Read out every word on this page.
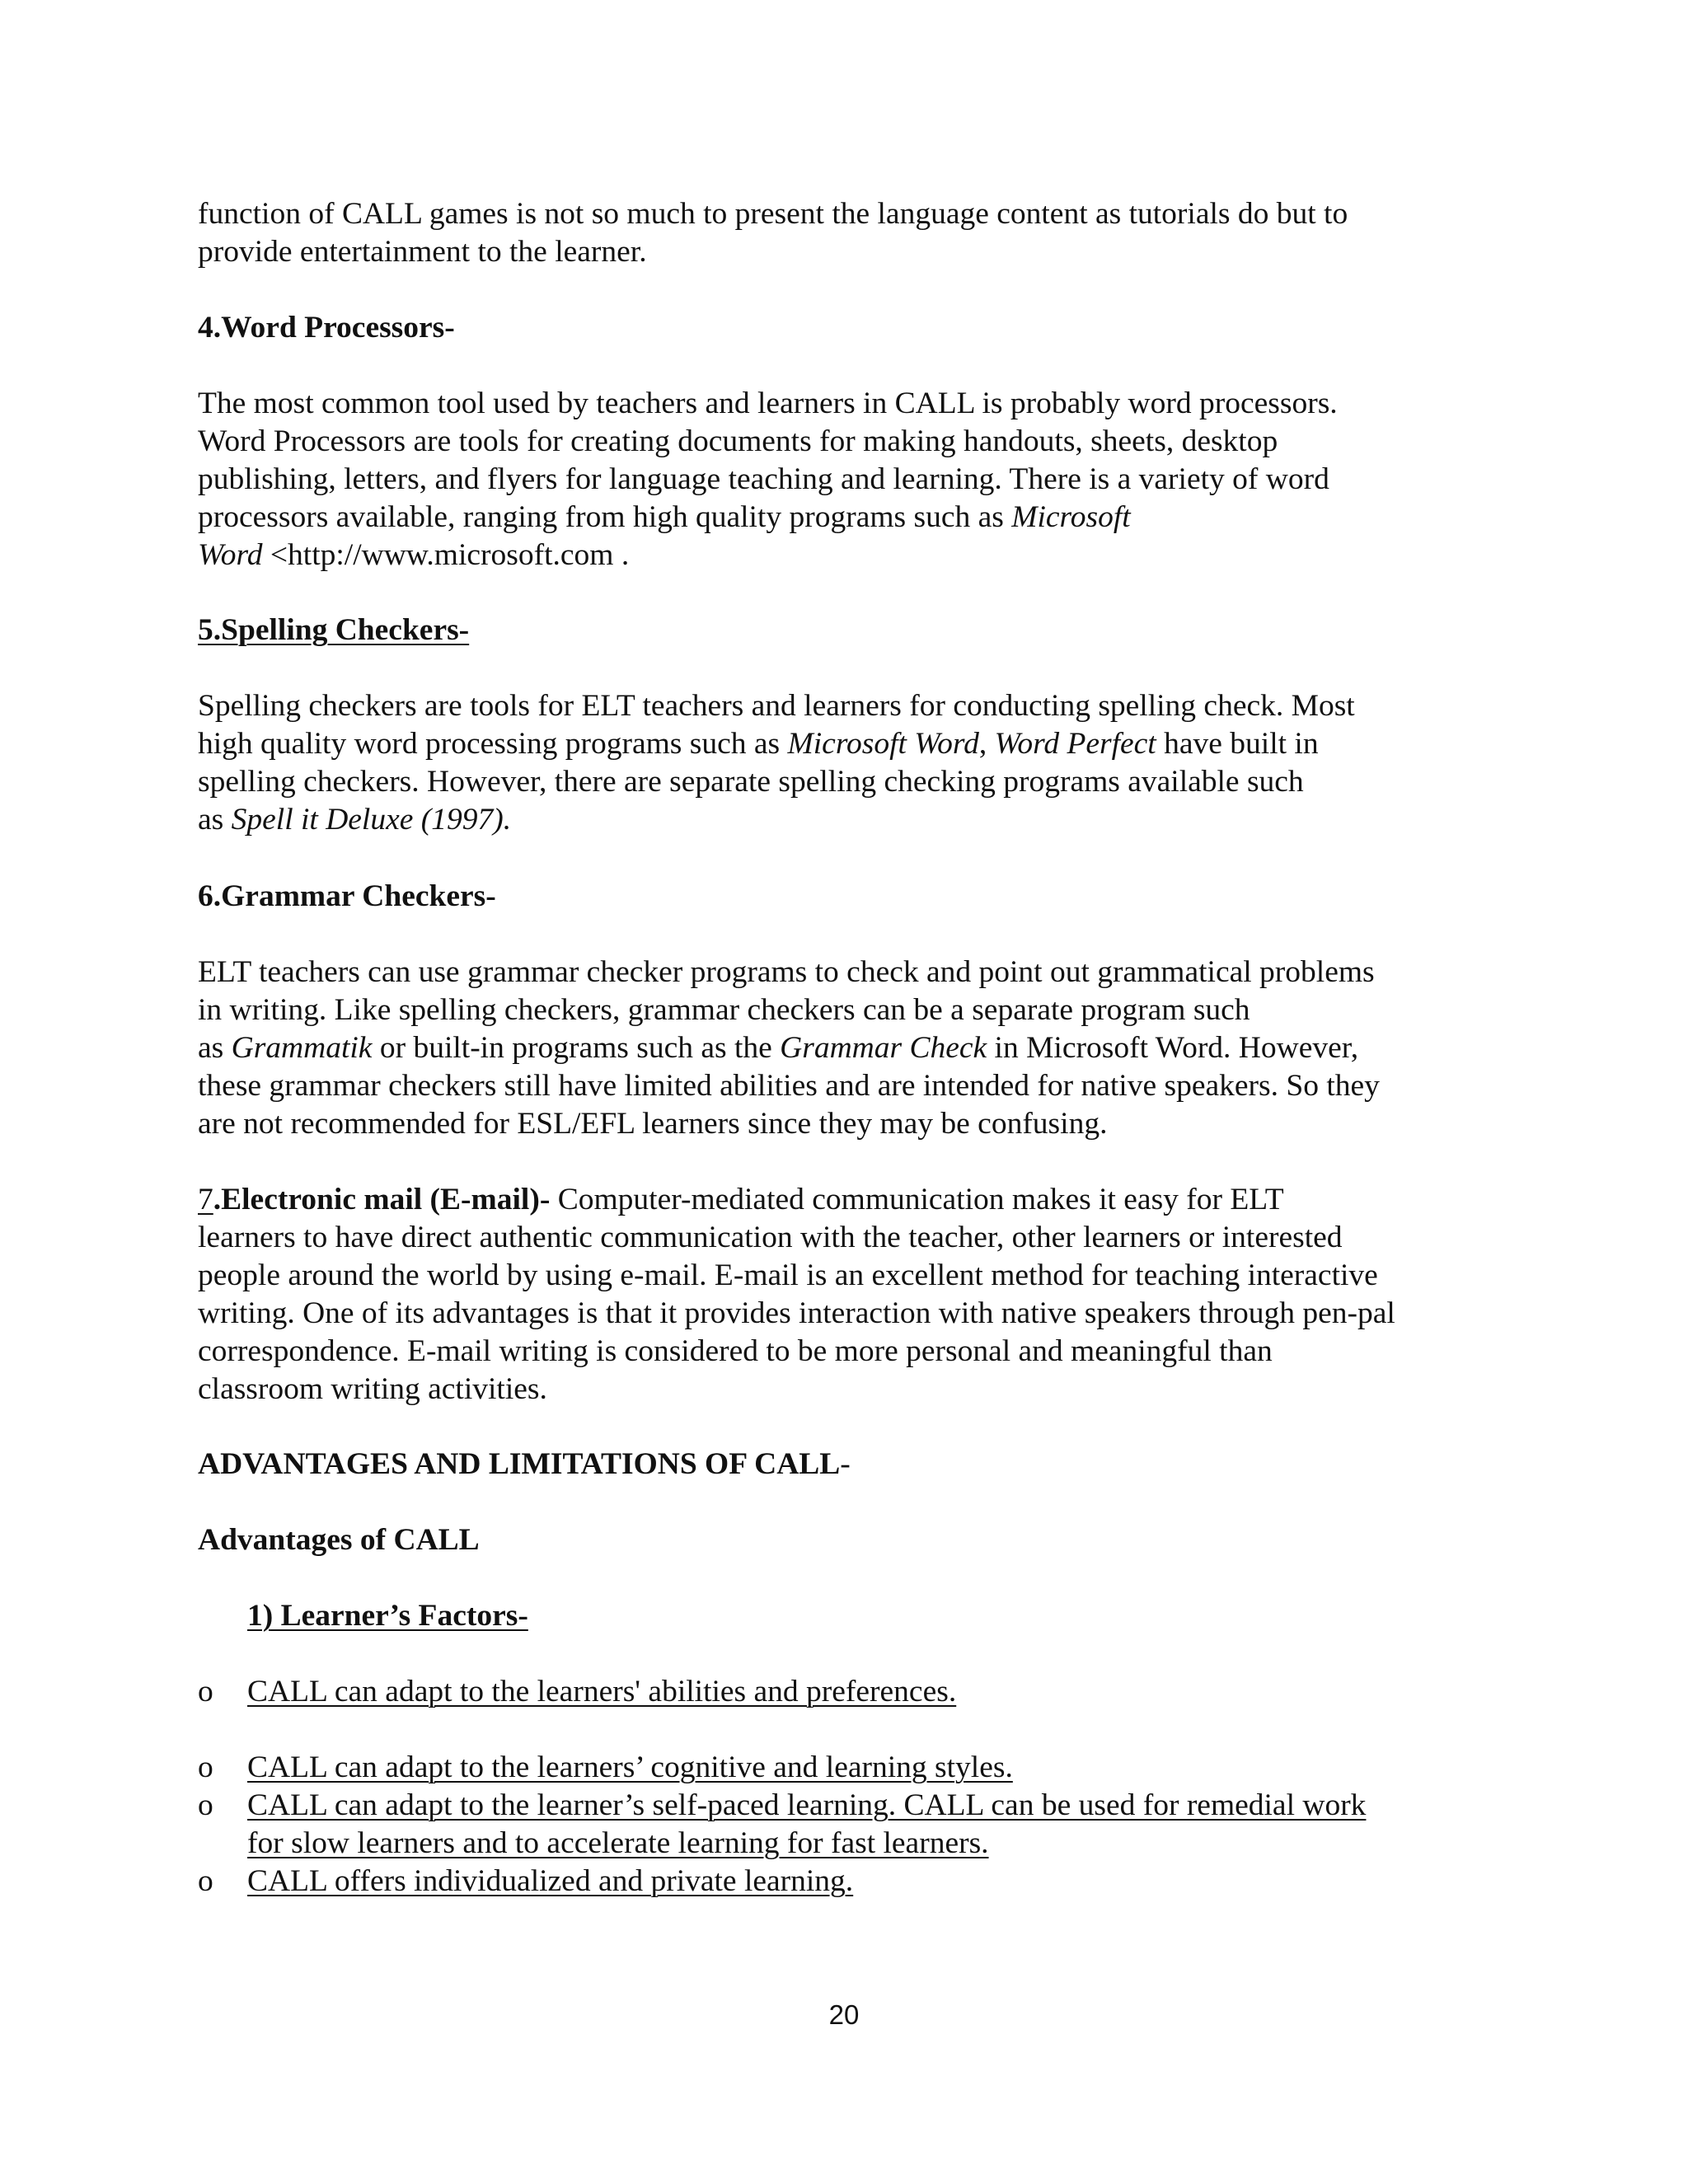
function of CALL games is not so much to present the language content as tutorials do but to
provide entertainment to the learner.
4.Word Processors-
The most common tool used by teachers and learners in CALL is probably word processors.
Word Processors are tools for creating documents for making handouts, sheets, desktop
publishing, letters, and flyers for language teaching and learning. There is a variety of word
processors available, ranging from high quality programs such as Microsoft
Word <http://www.microsoft.com .
5.Spelling Checkers-
Spelling checkers are tools for ELT teachers and learners for conducting spelling check. Most
high quality word processing programs such as Microsoft Word, Word Perfect have built in
spelling checkers. However, there are separate spelling checking programs available such
as Spell it Deluxe (1997).
6.Grammar Checkers-
ELT teachers can use grammar checker programs to check and point out grammatical problems
in writing. Like spelling checkers, grammar checkers can be a separate program such
as Grammatik or built-in programs such as the Grammar Check in Microsoft Word. However,
these grammar checkers still have limited abilities and are intended for native speakers. So they
are not recommended for ESL/EFL learners since they may be confusing.
7.Electronic mail (E-mail)- Computer-mediated communication makes it easy for ELT
learners to have direct authentic communication with the teacher, other learners or interested
people around the world by using e-mail. E-mail is an excellent method for teaching interactive
writing. One of its advantages is that it provides interaction with native speakers through pen-pal
correspondence. E-mail writing is considered to be more personal and meaningful than
classroom writing activities.
ADVANTAGES AND LIMITATIONS OF CALL-
Advantages of CALL
1) Learner’s Factors-
o CALL can adapt to the learners' abilities and preferences.
o CALL can adapt to the learners’ cognitive and learning styles.
o CALL can adapt to the learner’s self-paced learning. CALL can be used for remedial work
for slow learners and to accelerate learning for fast learners.
o CALL offers individualized and private learning.
20
